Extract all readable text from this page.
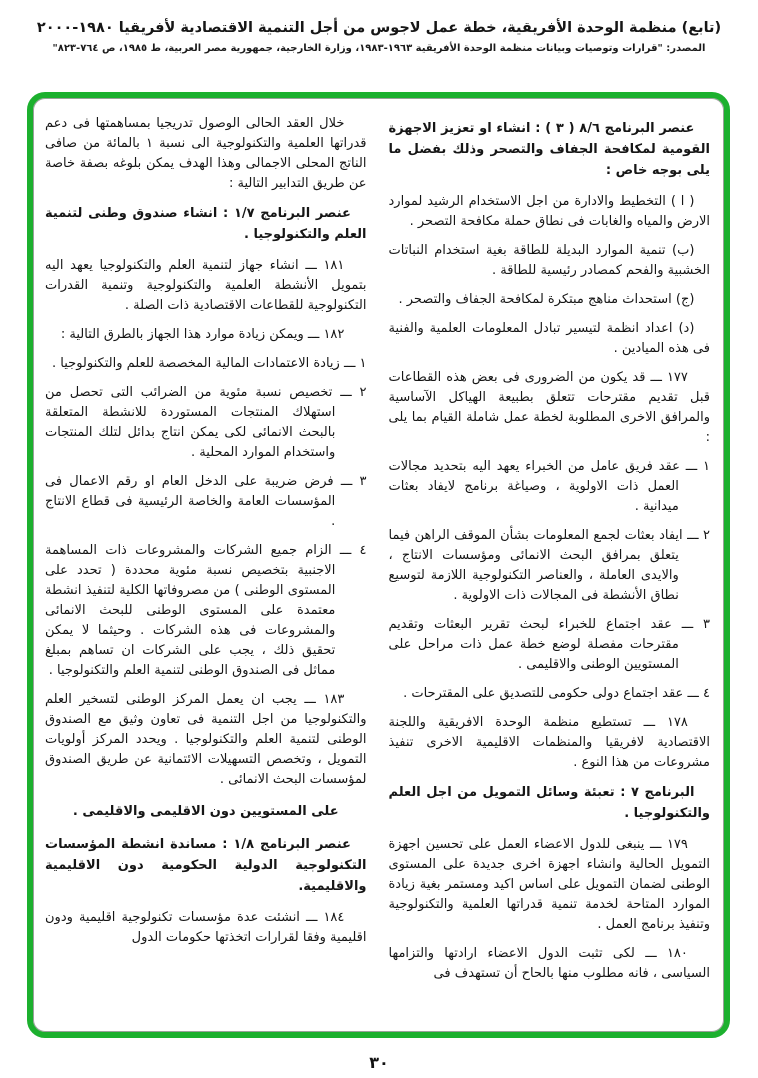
(تابع) منظمة الوحدة الأفريقية، خطة عمل لاجوس من أجل التنمية الاقتصادية لأفريقيا ١٩٨٠-٢٠٠٠
المصدر: "قرارات وتوصيات وبيانات منظمة الوحدة الأفريقية ١٩٦٣-١٩٨٣، وزارة الخارجية، جمهورية مصر العربية، ط ١٩٨٥، ص ٧٦٤-٨٢٣"
عنصر البرنامج ٨/٦ ( ٣ ) : انشاء او تعزيز الاجهزة القومية لمكافحة الجفاف والتصحر وذلك بفضل ما يلى بوجه خاص :
( ا ) التخطيط والادارة من اجل الاستخدام الرشيد لموارد الارض والمياه والغابات فى نطاق حملة مكافحة التصحر .
(ب) تنمية الموارد البديلة للطاقة بغية استخدام النباتات الخشبية والفحم كمصادر رئيسية للطاقة .
(ج) استحداث مناهج مبتكرة لمكافحة الجفاف والتصحر .
(د) اعداد انظمة لتيسير تبادل المعلومات العلمية والفنية فى هذه الميادين .
١٧٧ ـــ قد يكون من الضرورى فى بعض هذه القطاعات قبل تقديم مقترحات تتعلق بطبيعة الهياكل الآساسية والمرافق الاخرى المطلوبة لخطة عمل شاملة القيام بما يلى :
١ ـــ عقد فريق عامل من الخبراء يعهد اليه بتحديد مجالات العمل ذات الاولوية ، وصياغة برنامج لايفاد بعثات ميدانية .
٢ ـــ ايفاد بعثات لجمع المعلومات بشأن الموقف الراهن فيما يتعلق بمرافق البحث الانمائى ومؤسسات الانتاج ، والايدى العاملة ، والعناصر التكنولوجية اللازمة لتوسيع نطاق الأنشطة فى المجالات ذات الاولوية .
٣ ـــ عقد اجتماع للخبراء لبحث تقرير البعثات وتقديم مقترحات مفصلة لوضع خطة عمل ذات مراحل على المستويين الوطنى والاقليمى .
٤ ـــ عقد اجتماع دولى حكومى للتصديق على المقترحات .
١٧٨ ـــ تستطيع منظمة الوحدة الافريقية واللجنة الاقتصادية لافريقيا والمنظمات الاقليمية الاخرى تنفيذ مشروعات من هذا النوع .
البرنامج ٧ : تعبئة وسائل التمويل من اجل العلم والتكنولوجيا .
١٧٩ ـــ ينبغى للدول الاعضاء العمل على تحسين اجهزة التمويل الحالية وانشاء اجهزة اخرى جديدة على المستوى الوطنى لضمان التمويل على اساس اكيد ومستمر بغية زيادة الموارد المتاحة لخدمة تنمية قدراتها العلمية والتكنولوجية وتنفيذ برنامج العمل .
١٨٠ ـــ لكى تثبت الدول الاعضاء ارادتها والتزامها السياسى ، فانه مطلوب منها بالحاح أن تستهدف فى
خلال العقد الحالى الوصول تدريجيا بمساهمتها فى دعم قدراتها العلمية والتكنولوجية الى نسبة ١ بالمائة من صافى الناتج المحلى الاجمالى وهذا الهدف يمكن بلوغه بصفة خاصة عن طريق التدابير التالية :
عنصر البرنامج ١/٧ : انشاء صندوق وطنى لتنمية العلم والتكنولوجيا .
١٨١ ـــ انشاء جهاز لتنمية العلم والتكنولوجيا يعهد اليه بتمويل الأنشطة العلمية والتكنولوجية وتنمية القدرات التكنولوجية للقطاعات الاقتصادية ذات الصلة .
١٨٢ ـــ ويمكن زيادة موارد هذا الجهاز بالطرق التالية :
١ ـــ زيادة الاعتمادات المالية المخصصة للعلم والتكنولوجيا .
٢ ـــ تخصيص نسبة مئوية من الضرائب التى تحصل من استهلاك المنتجات المستوردة للانشطة المتعلقة بالبحث الانمائى لكى يمكن انتاج بدائل لتلك المنتجات واستخدام الموارد المحلية .
٣ ـــ فرض ضريبة على الدخل العام او رقم الاعمال فى المؤسسات العامة والخاصة الرئيسية فى قطاع الانتاج .
٤ ـــ الزام جميع الشركات والمشروعات ذات المساهمة الاجنبية بتخصيص نسبة مئوية محددة ( تحدد على المستوى الوطنى ) من مصروفاتها الكلية لتنفيذ انشطة معتمدة على المستوى الوطنى للبحث الانمائى والمشروعات فى هذه الشركات . وحيثما لا يمكن تحقيق ذلك ، يجب على الشركات ان تساهم بمبلغ مماثل فى الصندوق الوطنى لتنمية العلم والتكنولوجيا .
١٨٣ ـــ يجب ان يعمل المركز الوطنى لتسخير العلم والتكنولوجيا من اجل التنمية فى تعاون وثيق مع الصندوق الوطنى لتنمية العلم والتكنولوجيا . ويحدد المركز أولويات التمويل ، وتخصص التسهيلات الائتمانية عن طريق الصندوق لمؤسسات البحث الانمائى .
على المستويين دون الاقليمى والاقليمى .
عنصر البرنامج ١/٨ : مساندة انشطة المؤسسات التكنولوجية الدولية الحكومية دون الاقليمية والاقليمية.
١٨٤ ـــ انشئت عدة مؤسسات تكنولوجية اقليمية ودون اقليمية وفقا لقرارات اتخذتها حكومات الدول
٣٠
